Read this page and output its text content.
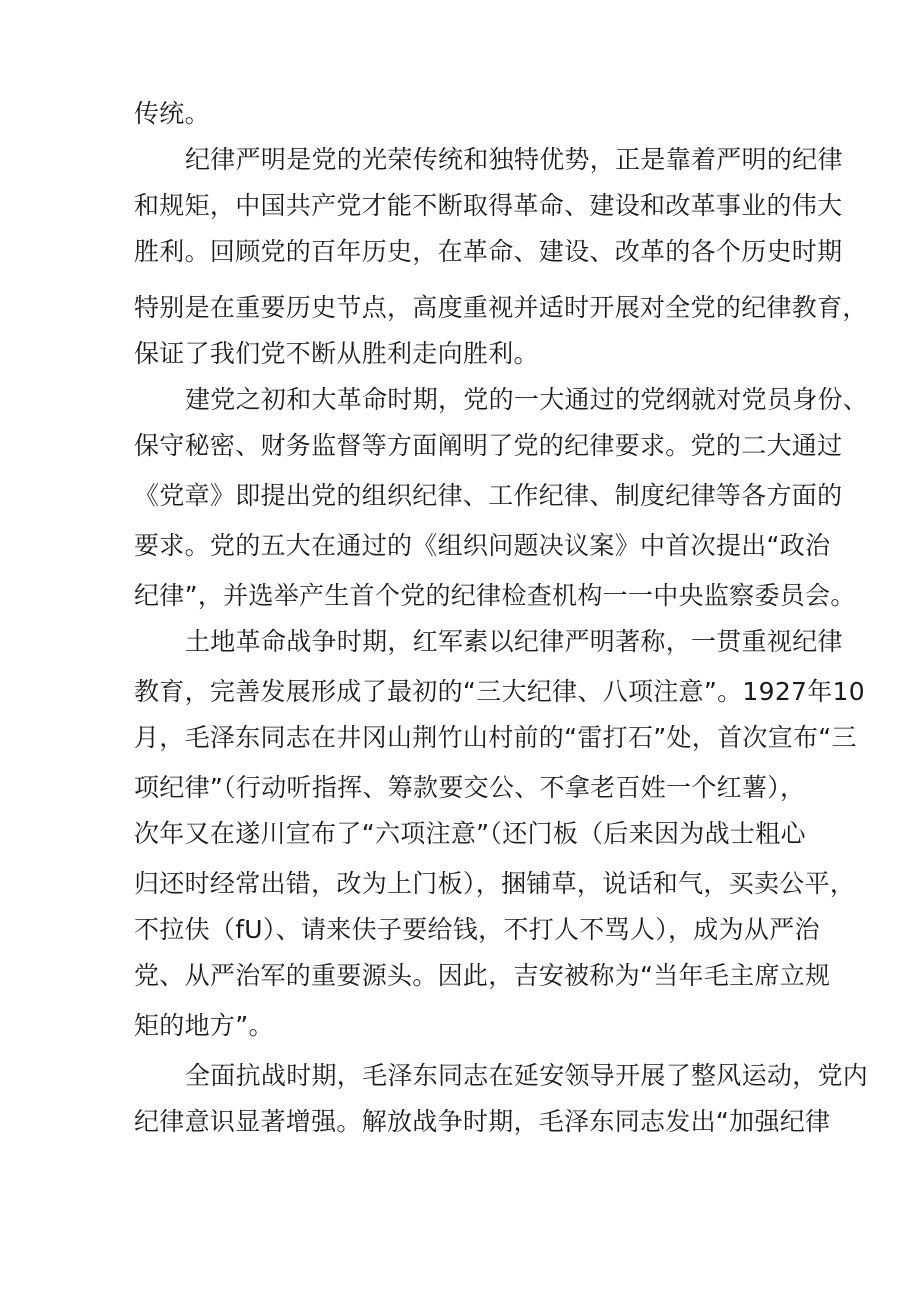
传统。
纪律严明是党的光荣传统和独特优势，正是靠着严明的纪律
和规矩，中国共产党才能不断取得革命、建设和改革事业的伟大
胜利。回顾党的百年历史，在革命、建设、改革的各个历史时期
特别是在重要历史节点，高度重视并适时开展对全党的纪律教育，
保证了我们党不断从胜利走向胜利。
建党之初和大革命时期，党的一大通过的党纲就对党员身份、
保守秘密、财务监督等方面阐明了党的纪律要求。党的二大通过
《党章》即提出党的组织纪律、工作纪律、制度纪律等各方面的
要求。党的五大在通过的《组织问题决议案》中首次提出“政治
纪律”，并选举产生首个党的纪律检查机构一一中央监察委员会。
土地革命战争时期，红军素以纪律严明著称，一贯重视纪律
教育，完善发展形成了最初的“三大纪律、八项注意”。1927年10
月，毛泽东同志在井冈山荆竹山村前的“雷打石”处，首次宣布“三
项纪律”（行动听指挥、筹款要交公、不拿老百姓一个红薯），
次年又在遂川宣布了“六项注意”（还门板（后来因为战士粗心
归还时经常出错，改为上门板），捆铺草，说话和气，买卖公平，
不拉伕（fU）、请来伕子要给钱，不打人不骂人），成为从严治
党、从严治军的重要源头。因此，吉安被称为“当年毛主席立规
矩的地方”。
全面抗战时期，毛泽东同志在延安领导开展了整风运动，党内
纪律意识显著增强。解放战争时期，毛泽东同志发出“加强纪律
